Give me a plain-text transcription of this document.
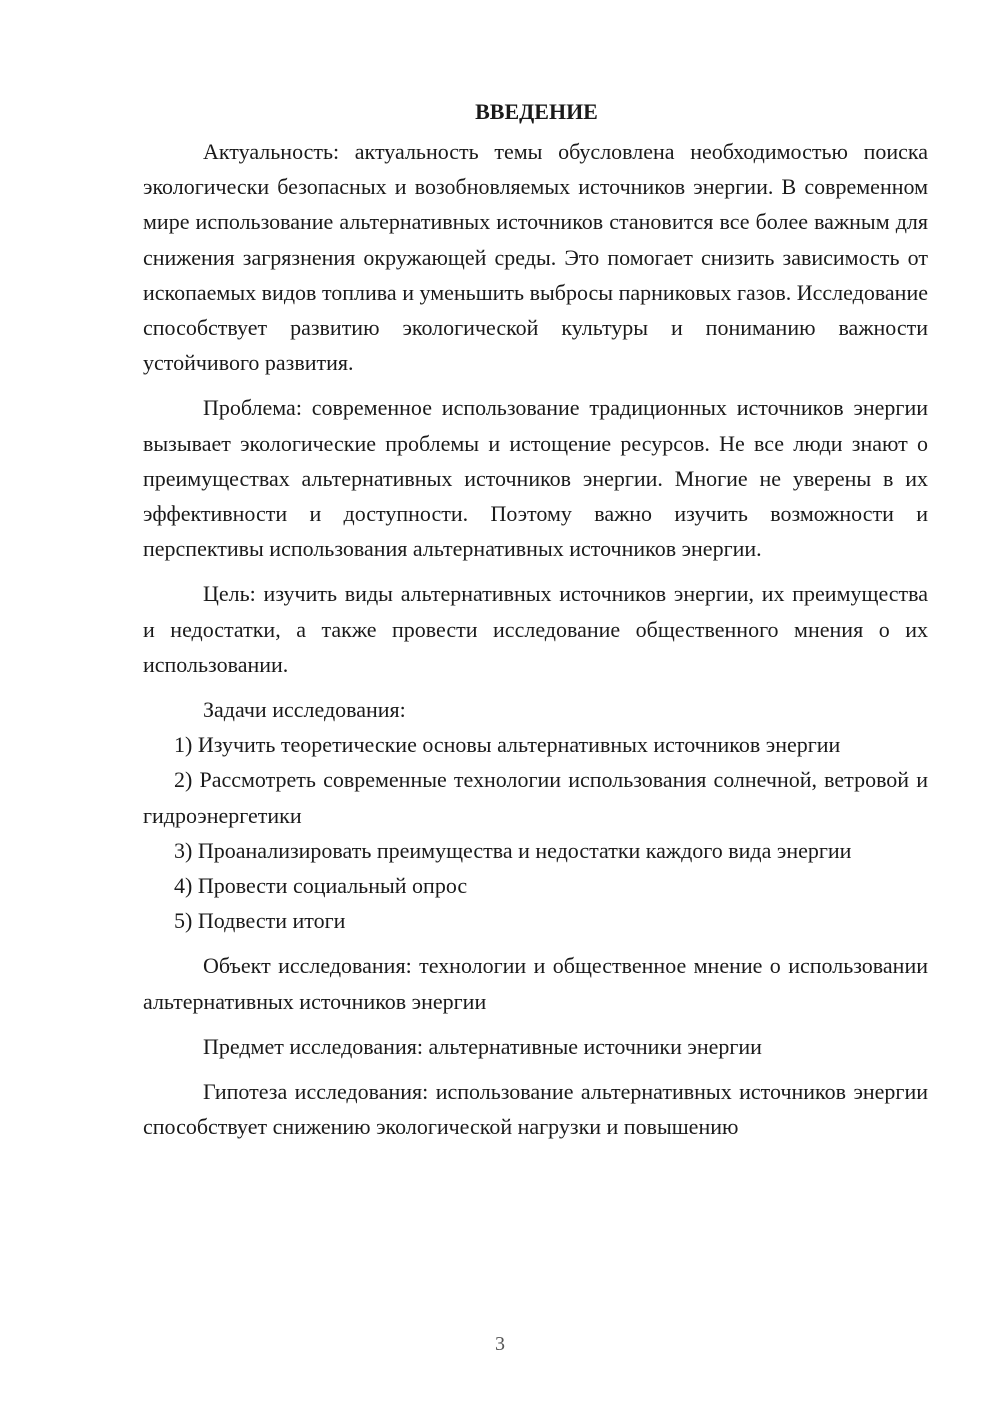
ВВЕДЕНИЕ

Актуальность: актуальность темы обусловлена необходимостью поиска экологически безопасных и возобновляемых источников энергии. В современном мире использование альтернативных источников становится все более важным для снижения загрязнения окружающей среды. Это помогает снизить зависимость от ископаемых видов топлива и уменьшить выбросы парниковых газов. Исследование способствует развитию экологической культуры и пониманию важности устойчивого развития.

Проблема: современное использование традиционных источников энергии вызывает экологические проблемы и истощение ресурсов. Не все люди знают о преимуществах альтернативных источников энергии. Многие не уверены в их эффективности и доступности. Поэтому важно изучить возможности и перспективы использования альтернативных источников энергии.

Цель: изучить виды альтернативных источников энергии, их преимущества и недостатки, а также провести исследование общественного мнения о их использовании.

Задачи исследования:

1) Изучить теоретические основы альтернативных источников энергии

2) Рассмотреть современные технологии использования солнечной, ветровой и гидроэнергетики

3) Проанализировать преимущества и недостатки каждого вида энергии

4) Провести социальный опрос

5) Подвести итоги

Объект исследования: технологии и общественное мнение о использовании альтернативных источников энергии

Предмет исследования: альтернативные источники энергии

Гипотеза исследования: использование альтернативных источников энергии способствует снижению экологической нагрузки и повышению

3
